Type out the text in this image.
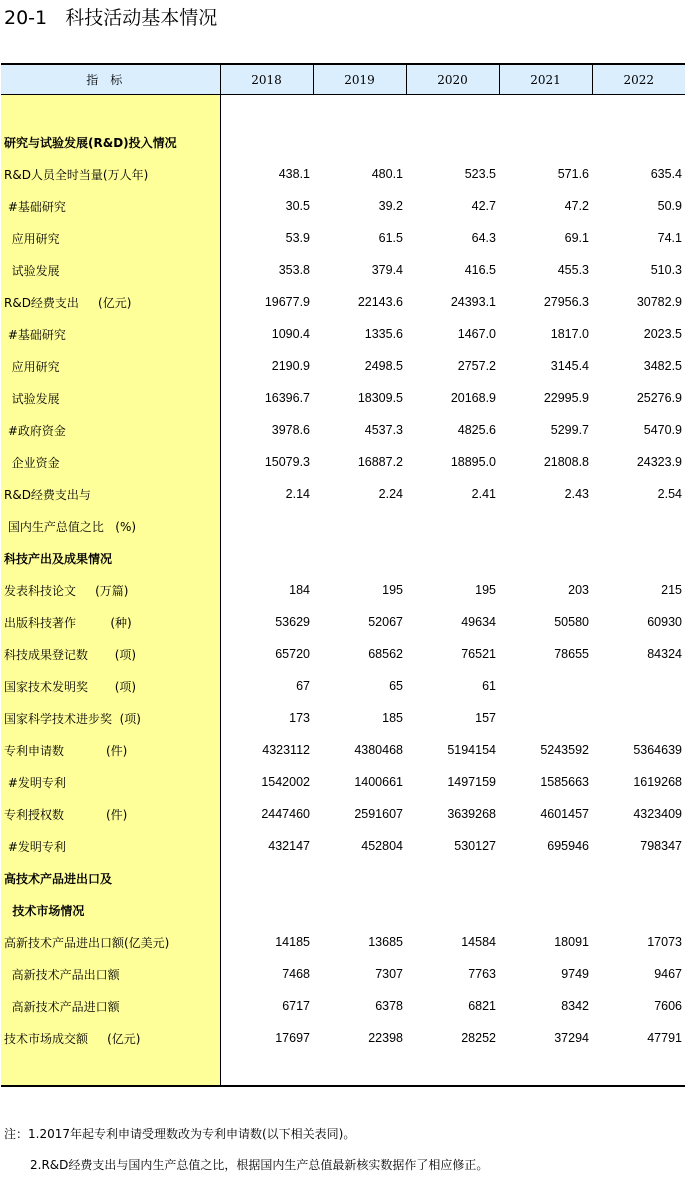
20-1   科技活动基本情况
指标	2018	2019	2020	2021	2022

研究与试验发展(R&D)投入情况					
R&D人员全时当量(万人年)	438.1	480.1	523.5	571.6	635.4
#基础研究	30.5	39.2	42.7	47.2	50.9
应用研究	53.9	61.5	64.3	69.1	74.1
试验发展	353.8	379.4	416.5	455.3	510.3
R&D经费支出     (亿元)	19677.9	22143.6	24393.1	27956.3	30782.9
#基础研究	1090.4	1335.6	1467.0	1817.0	2023.5
应用研究	2190.9	2498.5	2757.2	3145.4	3482.5
试验发展	16396.7	18309.5	20168.9	22995.9	25276.9
#政府资金	3978.6	4537.3	4825.6	5299.7	5470.9
企业资金	15079.3	16887.2	18895.0	21808.8	24323.9
R&D经费支出与	2.14	2.24	2.41	2.43	2.54
国内生产总值之比   (%)					
科技产出及成果情况					
发表科技论文     (万篇)	184	195	195	203	215
出版科技著作         (种)	53629	52067	49634	50580	60930
科技成果登记数       (项)	65720	68562	76521	78655	84324
国家技术发明奖       (项)	67	65	61		
国家科学技术进步奖  (项)	173	185	157		
专利申请数           (件)	4323112	4380468	5194154	5243592	5364639
#发明专利	1542002	1400661	1497159	1585663	1619268
专利授权数           (件)	2447460	2591607	3639268	4601457	4323409
#发明专利	432147	452804	530127	695946	798347
高技术产品进出口及					
技术市场情况					
高新技术产品进出口额(亿美元)	14185	13685	14584	18091	17073
高新技术产品出口额	7468	7307	7763	9749	9467
高新技术产品进口额	6717	6378	6821	8342	7606
技术市场成交额     (亿元)	17697	22398	28252	37294	47791

注：1.2017年起专利申请受理数改为专利申请数(以下相关表同)。
2.R&D经费支出与国内生产总值之比，根据国内生产总值最新核实数据作了相应修正。
